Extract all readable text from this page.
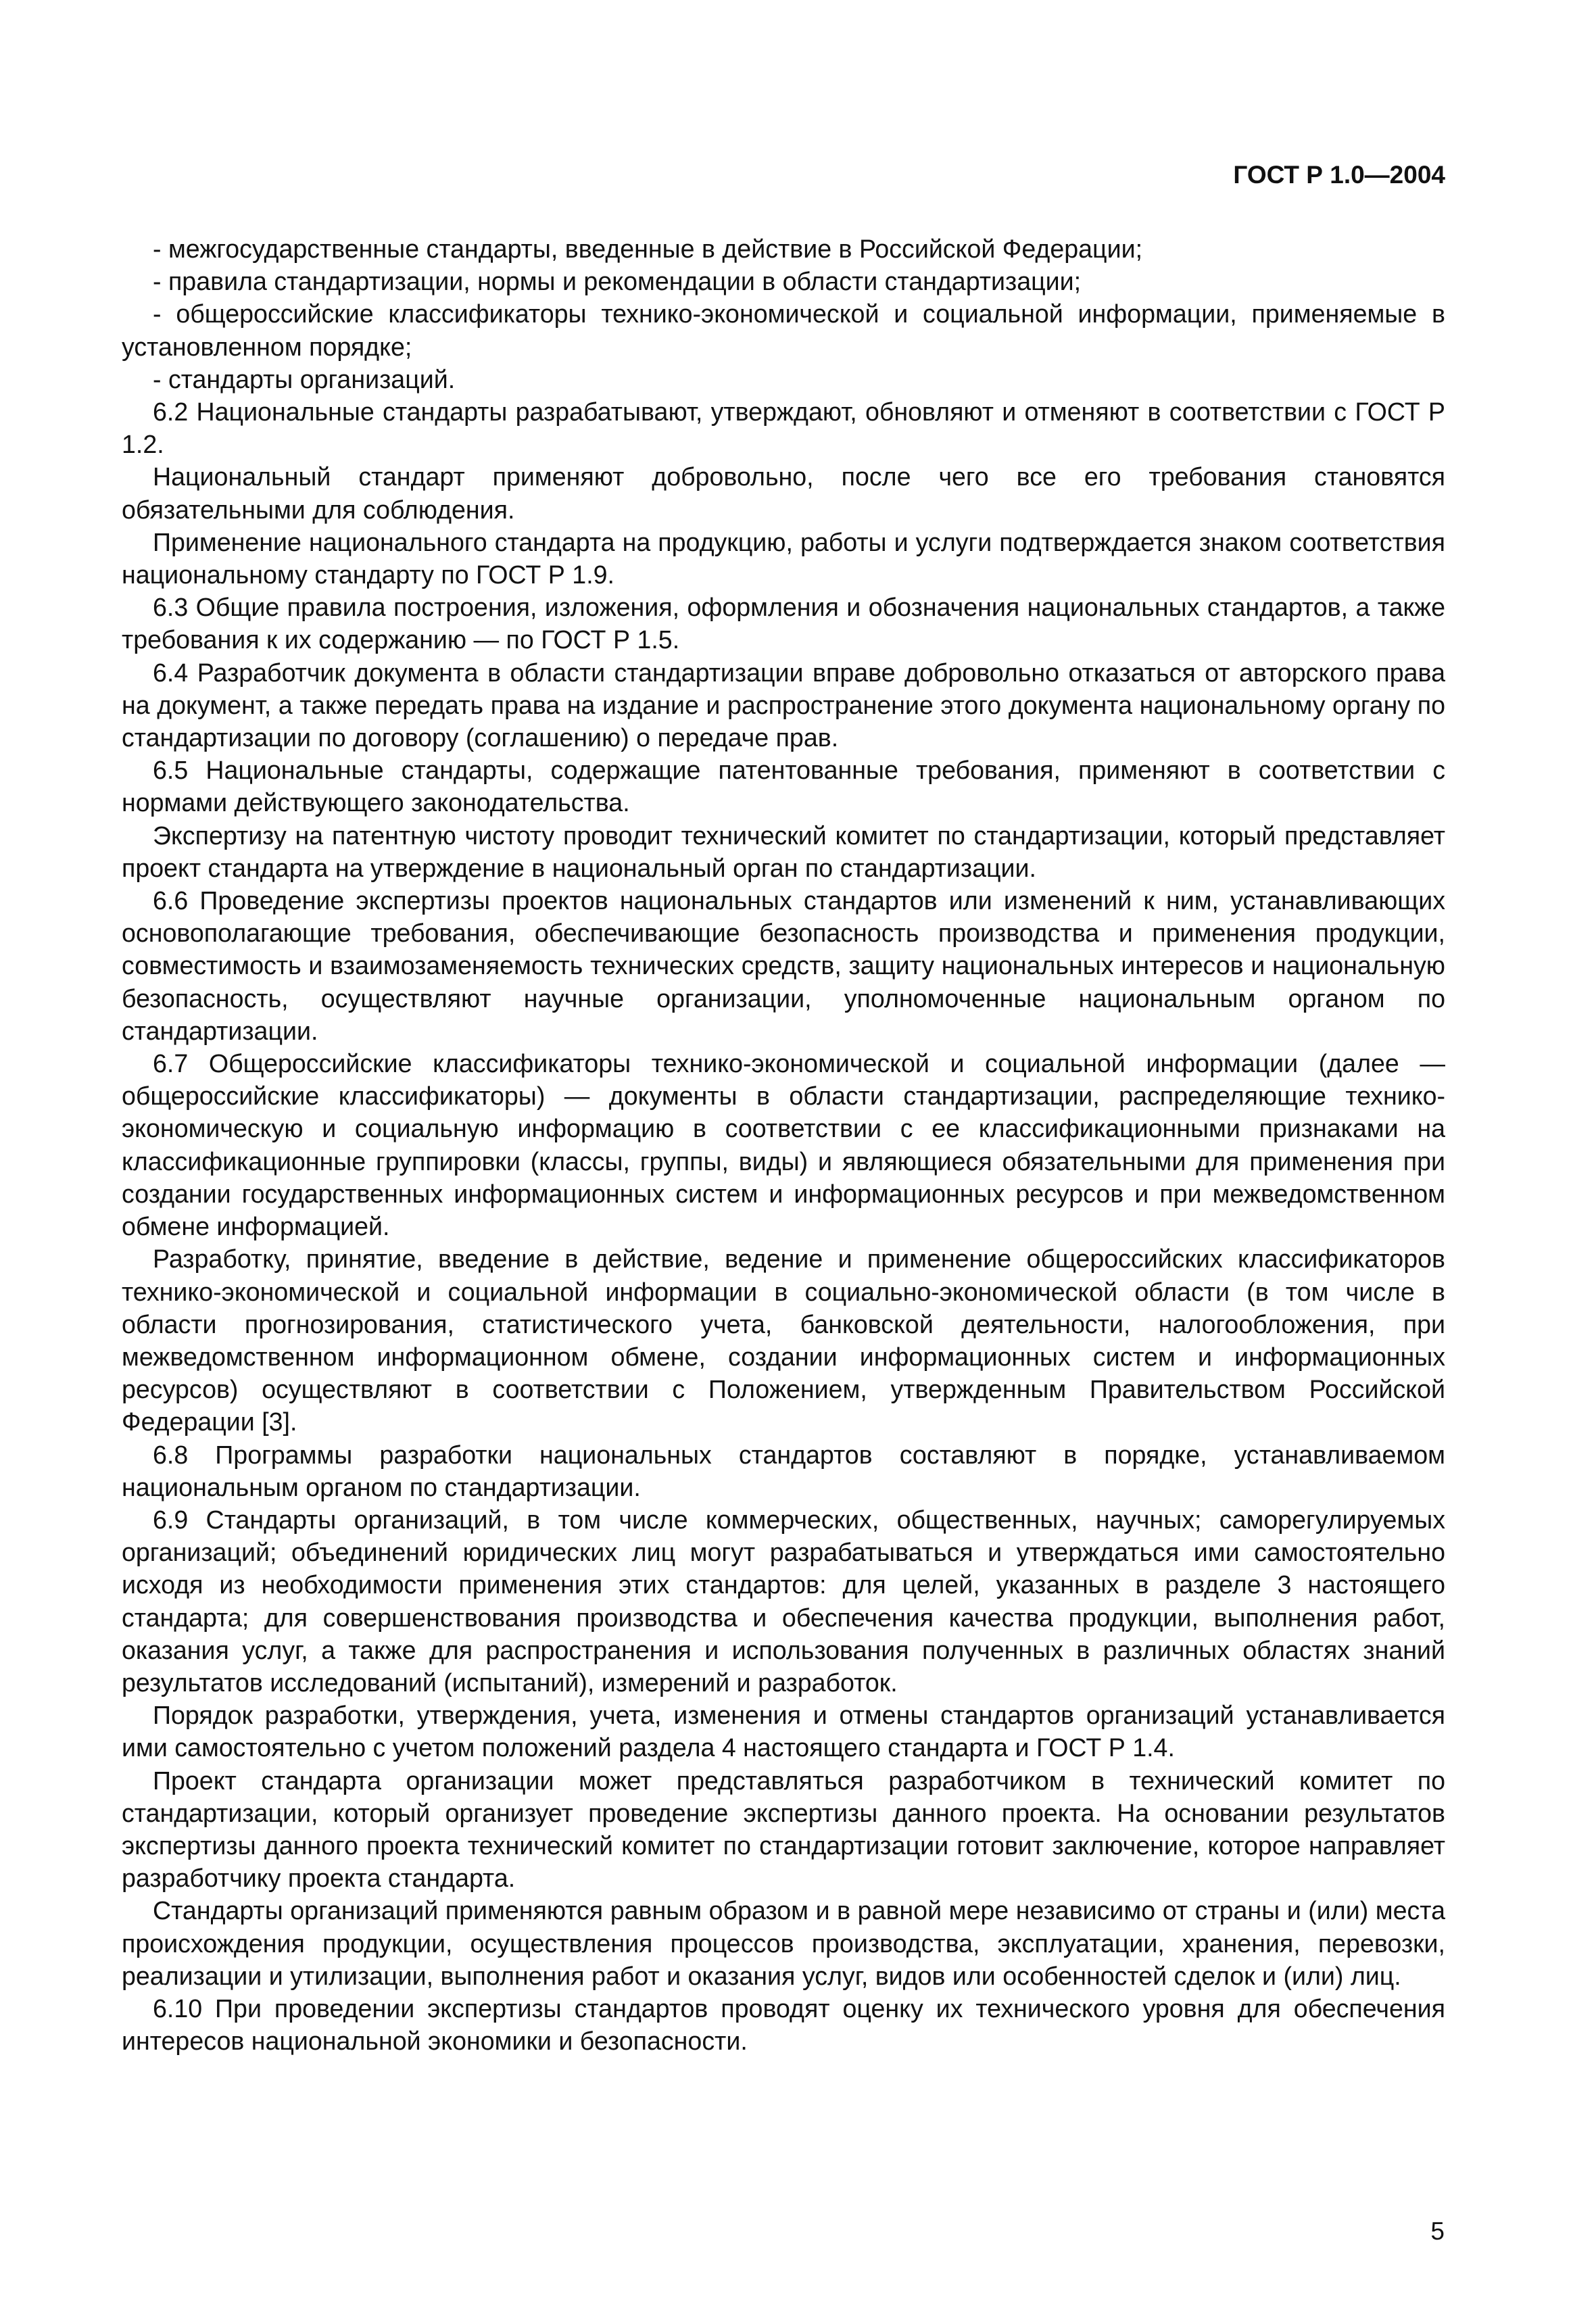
ГОСТ Р 1.0—2004

- межгосударственные стандарты, введенные в действие в Российской Федерации;

- правила стандартизации, нормы и рекомендации в области стандартизации;

- общероссийские классификаторы технико-экономической и социальной информации, применяемые в установленном порядке;

- стандарты организаций.

6.2 Национальные стандарты разрабатывают, утверждают, обновляют и отменяют в соответствии с ГОСТ Р 1.2.

Национальный стандарт применяют добровольно, после чего все его требования становятся обязательными для соблюдения.

Применение национального стандарта на продукцию, работы и услуги подтверждается знаком соответствия национальному стандарту по ГОСТ Р 1.9.

6.3 Общие правила построения, изложения, оформления и обозначения национальных стандартов, а также требования к их содержанию — по ГОСТ Р 1.5.

6.4 Разработчик документа в области стандартизации вправе добровольно отказаться от авторского права на документ, а также передать права на издание и распространение этого документа национальному органу по стандартизации по договору (соглашению) о передаче прав.

6.5 Национальные стандарты, содержащие патентованные требования, применяют в соответствии с нормами действующего законодательства.

Экспертизу на патентную чистоту проводит технический комитет по стандартизации, который представляет проект стандарта на утверждение в национальный орган по стандартизации.

6.6 Проведение экспертизы проектов национальных стандартов или изменений к ним, устанавливающих основополагающие требования, обеспечивающие безопасность производства и применения продукции, совместимость и взаимозаменяемость технических средств, защиту национальных интересов и национальную безопасность, осуществляют научные организации, уполномоченные национальным органом по стандартизации.

6.7 Общероссийские классификаторы технико-экономической и социальной информации (далее — общероссийские классификаторы) — документы в области стандартизации, распределяющие технико-экономическую и социальную информацию в соответствии с ее классификационными признаками на классификационные группировки (классы, группы, виды) и являющиеся обязательными для применения при создании государственных информационных систем и информационных ресурсов и при межведомственном обмене информацией.

Разработку, принятие, введение в действие, ведение и применение общероссийских классификаторов технико-экономической и социальной информации в социально-экономической области (в том числе в области прогнозирования, статистического учета, банковской деятельности, налогообложения, при межведомственном информационном обмене, создании информационных систем и информационных ресурсов) осуществляют в соответствии с Положением, утвержденным Правительством Российской Федерации [3].

6.8 Программы разработки национальных стандартов составляют в порядке, устанавливаемом национальным органом по стандартизации.

6.9 Стандарты организаций, в том числе коммерческих, общественных, научных; саморегулируемых организаций; объединений юридических лиц могут разрабатываться и утверждаться ими самостоятельно исходя из необходимости применения этих стандартов: для целей, указанных в разделе 3 настоящего стандарта; для совершенствования производства и обеспечения качества продукции, выполнения работ, оказания услуг, а также для распространения и использования полученных в различных областях знаний результатов исследований (испытаний), измерений и разработок.

Порядок разработки, утверждения, учета, изменения и отмены стандартов организаций устанавливается ими самостоятельно с учетом положений раздела 4 настоящего стандарта и ГОСТ Р 1.4.

Проект стандарта организации может представляться разработчиком в технический комитет по стандартизации, который организует проведение экспертизы данного проекта. На основании результатов экспертизы данного проекта технический комитет по стандартизации готовит заключение, которое направляет разработчику проекта стандарта.

Стандарты организаций применяются равным образом и в равной мере независимо от страны и (или) места происхождения продукции, осуществления процессов производства, эксплуатации, хранения, перевозки, реализации и утилизации, выполнения работ и оказания услуг, видов или особенностей сделок и (или) лиц.

6.10 При проведении экспертизы стандартов проводят оценку их технического уровня для обеспечения интересов национальной экономики и безопасности.

5
